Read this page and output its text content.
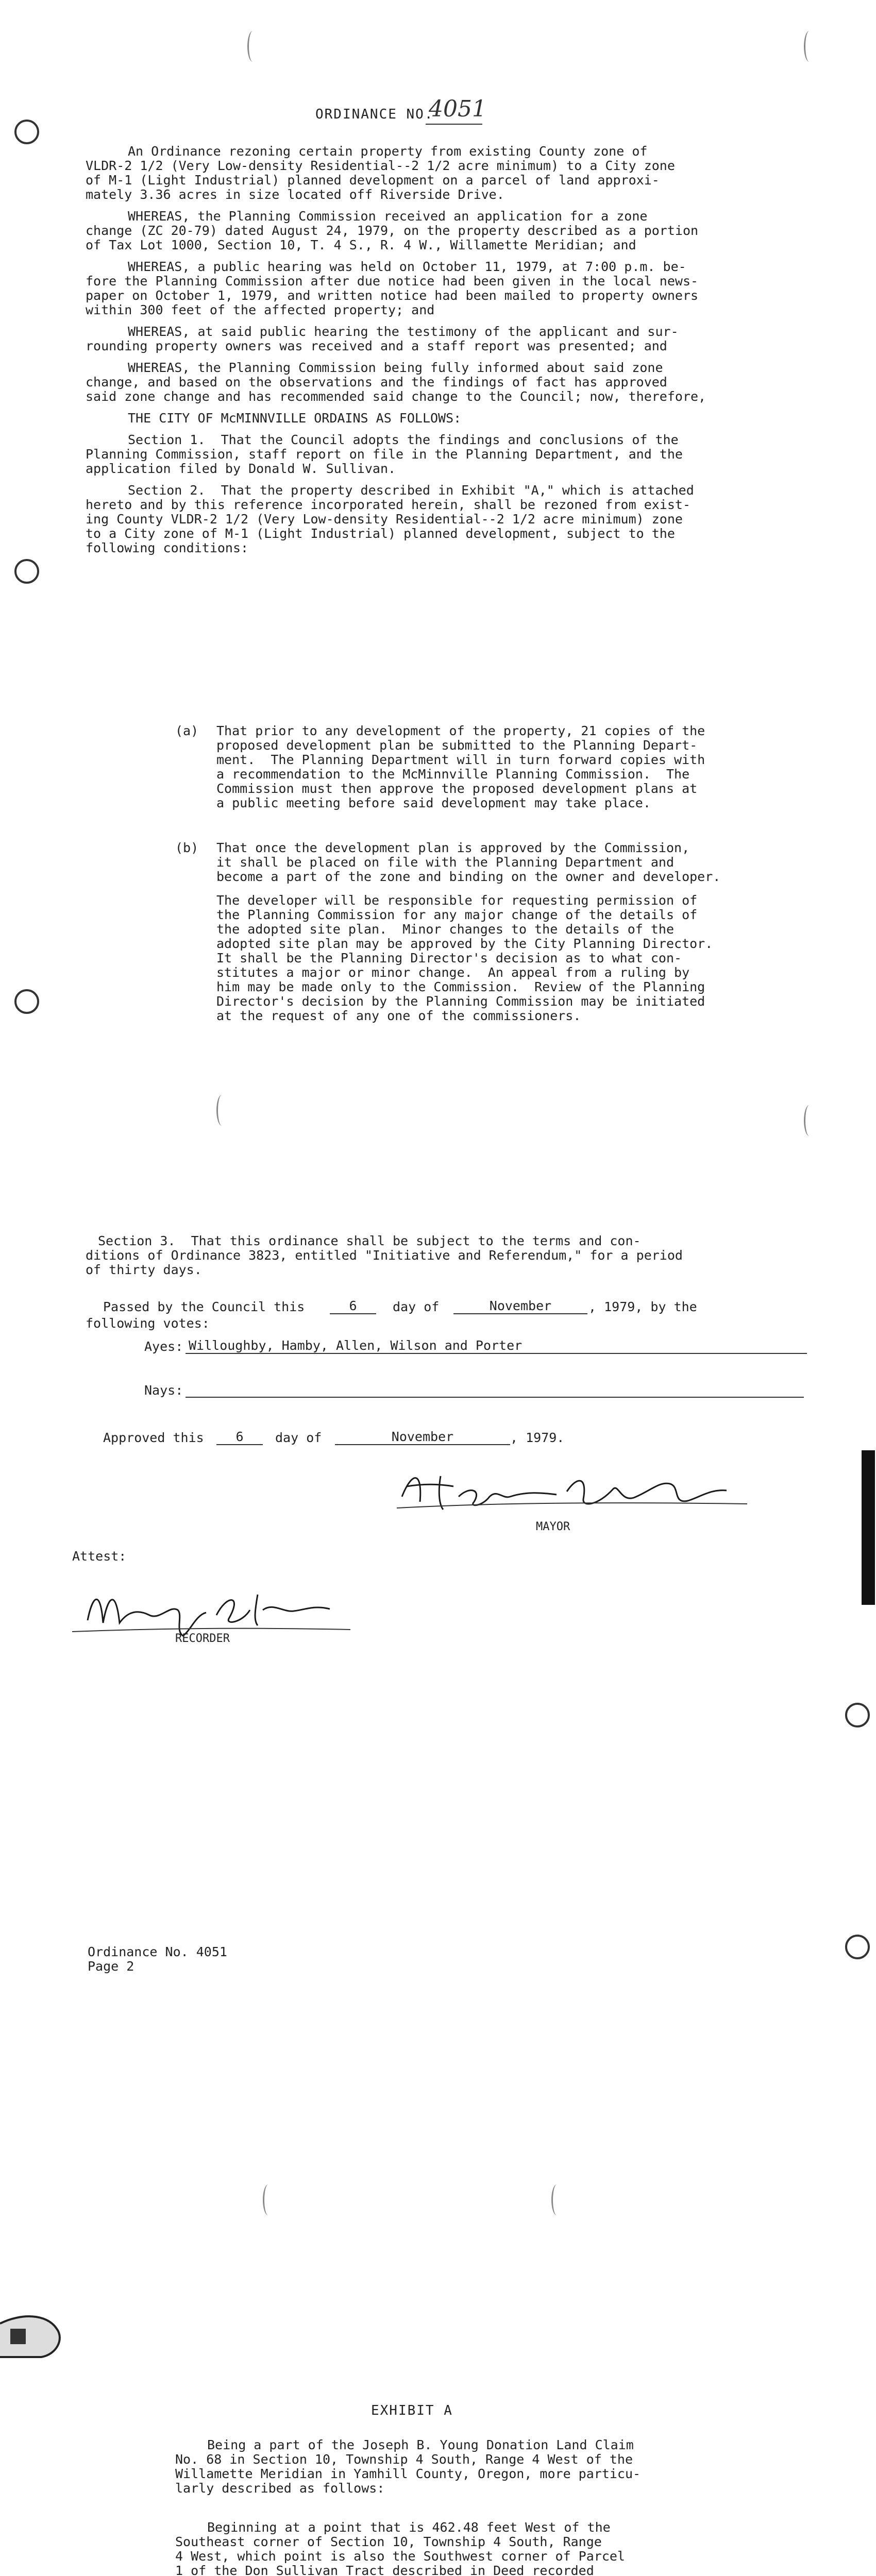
ORDINANCE NO.
4051
An Ordinance rezoning certain property from existing County zone of
VLDR-2 1/2 (Very Low-density Residential--2 1/2 acre minimum) to a City zone
of M-1 (Light Industrial) planned development on a parcel of land approxi-
mately 3.36 acres in size located off Riverside Drive.
WHEREAS, the Planning Commission received an application for a zone
change (ZC 20-79) dated August 24, 1979, on the property described as a portion
of Tax Lot 1000, Section 10, T. 4 S., R. 4 W., Willamette Meridian; and
WHEREAS, a public hearing was held on October 11, 1979, at 7:00 p.m. be-
fore the Planning Commission after due notice had been given in the local news-
paper on October 1, 1979, and written notice had been mailed to property owners
within 300 feet of the affected property; and
WHEREAS, at said public hearing the testimony of the applicant and sur-
rounding property owners was received and a staff report was presented; and
WHEREAS, the Planning Commission being fully informed about said zone
change, and based on the observations and the findings of fact has approved
said zone change and has recommended said change to the Council; now, therefore,
THE CITY OF McMINNVILLE ORDAINS AS FOLLOWS:
Section 1.  That the Council adopts the findings and conclusions of the
Planning Commission, staff report on file in the Planning Department, and the
application filed by Donald W. Sullivan.
Section 2.  That the property described in Exhibit "A," which is attached
hereto and by this reference incorporated herein, shall be rezoned from exist-
ing County VLDR-2 1/2 (Very Low-density Residential--2 1/2 acre minimum) zone
to a City zone of M-1 (Light Industrial) planned development, subject to the
following conditions:
(a) That prior to any development of the property, 21 copies of the
proposed development plan be submitted to the Planning Depart-
ment.  The Planning Department will in turn forward copies with
a recommendation to the McMinnville Planning Commission.  The
Commission must then approve the proposed development plans at
a public meeting before said development may take place.
(b) That once the development plan is approved by the Commission,
it shall be placed on file with the Planning Department and
become a part of the zone and binding on the owner and developer.
The developer will be responsible for requesting permission of
the Planning Commission for any major change of the details of
the adopted site plan.  Minor changes to the details of the
adopted site plan may be approved by the City Planning Director.
It shall be the Planning Director's decision as to what con-
stitutes a major or minor change.  An appeal from a ruling by
him may be made only to the Commission.  Review of the Planning
Director's decision by the Planning Commission may be initiated
at the request of any one of the commissioners.
Section 3.  That this ordinance shall be subject to the terms and con-
ditions of Ordinance 3823, entitled "Initiative and Referendum," for a period
of thirty days.
Passed by the Council this	6	day of	November	, 1979, by the
following votes:
Ayes: Willoughby, Hamby, Allen, Wilson and Porter
Nays:
Approved this	6	day of	November	, 1979.
MAYOR
Attest:
RECORDER
Ordinance No. 4051
Page 2
EXHIBIT A
Being a part of the Joseph B. Young Donation Land Claim
No. 68 in Section 10, Township 4 South, Range 4 West of the
Willamette Meridian in Yamhill County, Oregon, more particu-
larly described as follows:
Beginning at a point that is 462.48 feet West of the
Southeast corner of Section 10, Township 4 South, Range
4 West, which point is also the Southwest corner of Parcel
1 of the Don Sullivan Tract described in Deed recorded
